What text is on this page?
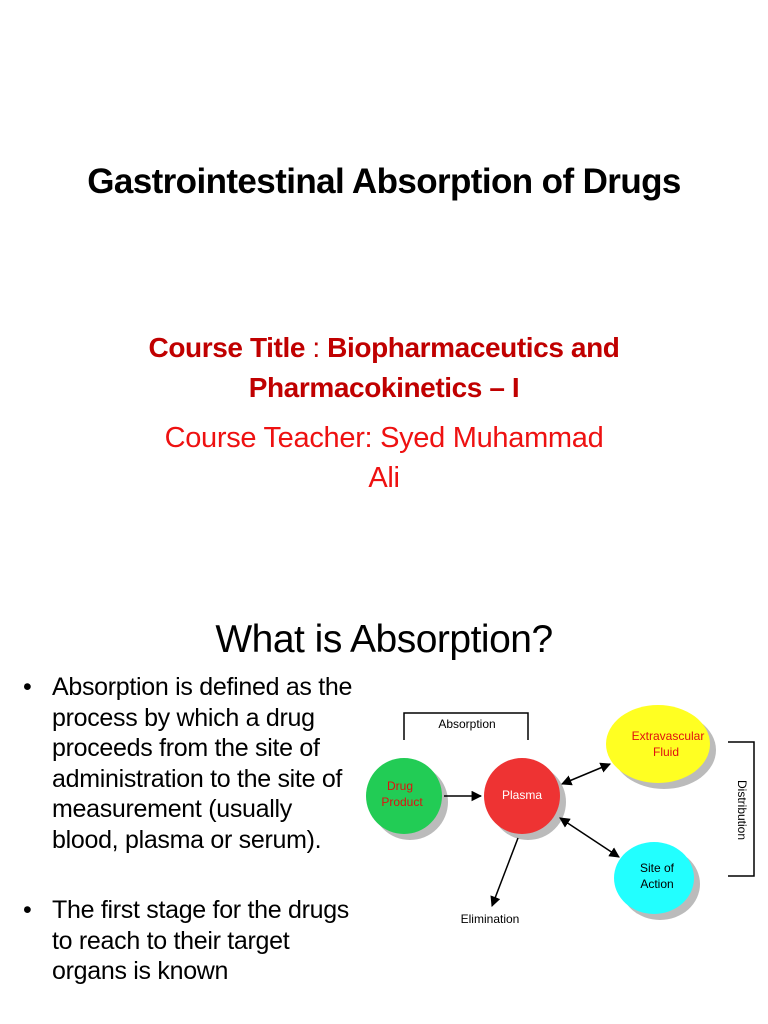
Gastrointestinal Absorption of Drugs
Course Title : Biopharmaceutics and
Pharmacokinetics – I
Course Teacher: Syed Muhammad
Ali
What is Absorption?
• Absorption is defined as the process by which a drug proceeds from the site of administration to the site of measurement (usually blood, plasma or serum).
• The first stage for the drugs to reach to their target organs is known
Absorption
Distribution
Drug
Product	Plasma
Extravascular
Fluid
Site of
Action
Elimination
